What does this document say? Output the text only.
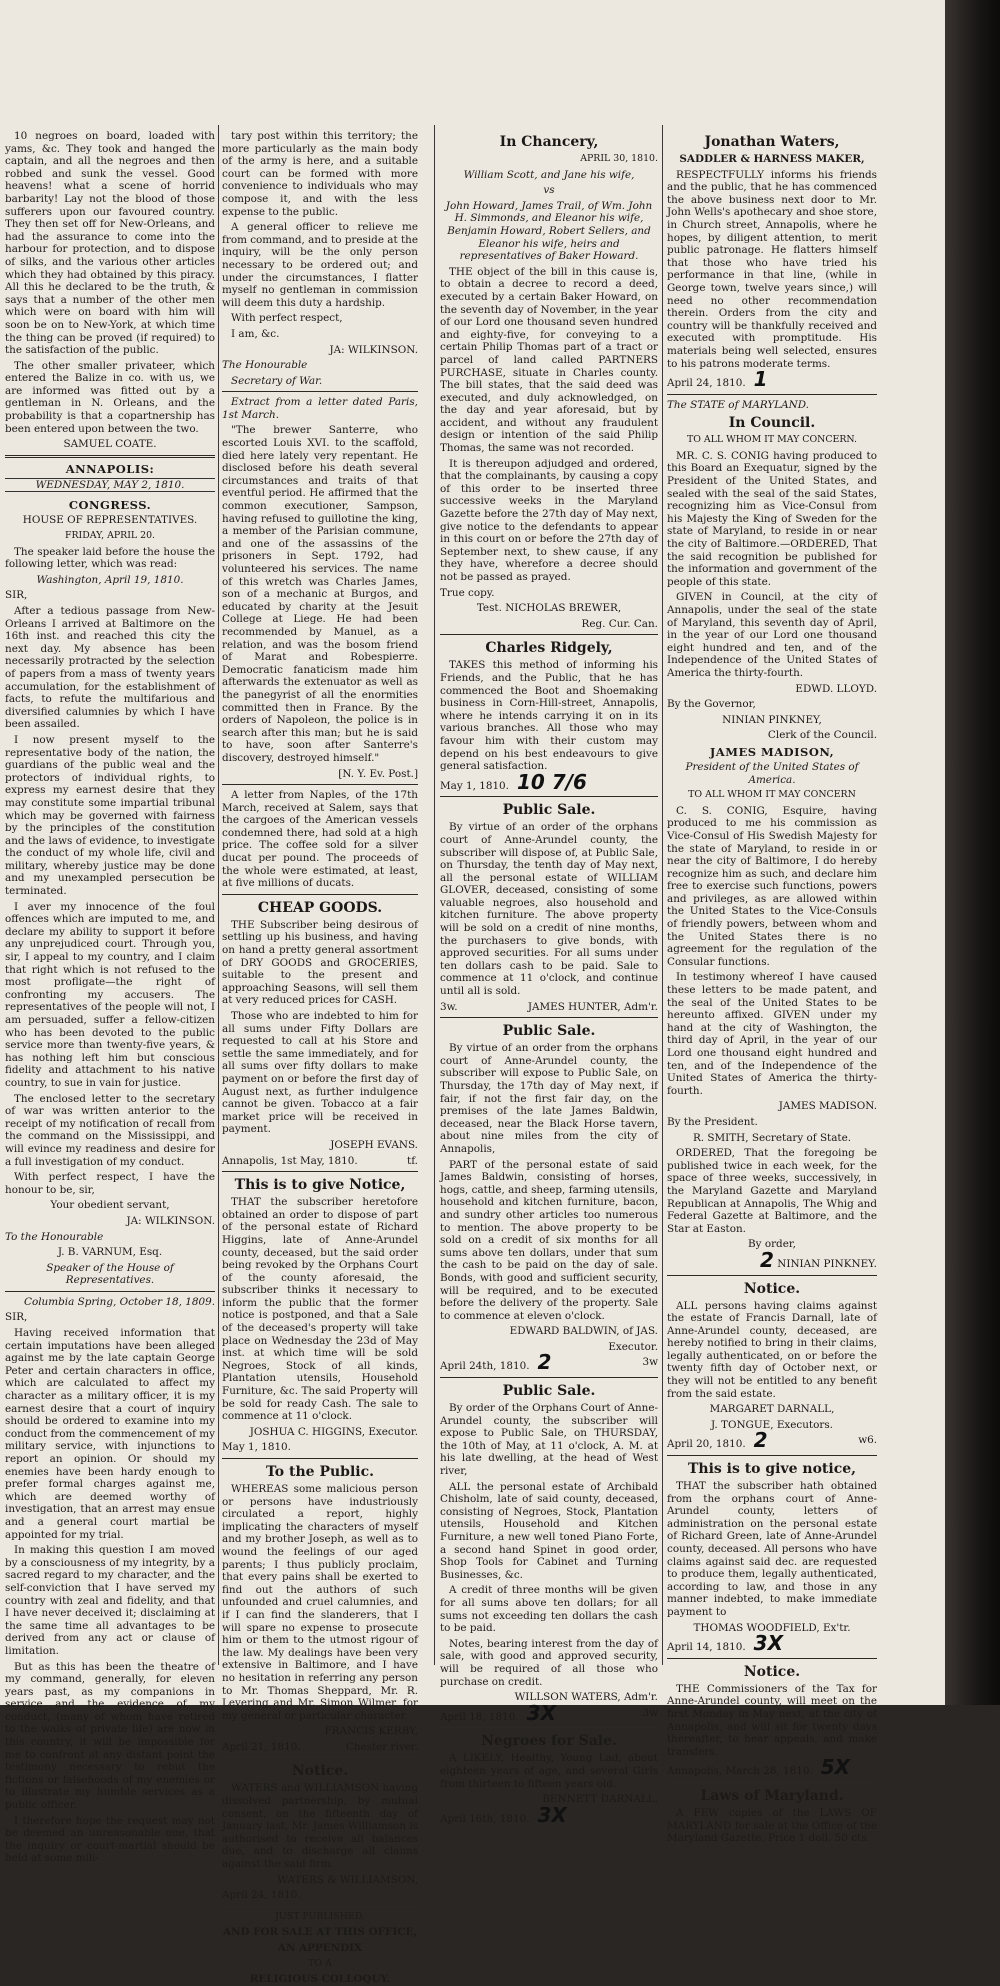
10 negroes on board, loaded with yams, &c. They took and hanged the captain, and all the negroes and then robbed and sunk the vessel. Good heavens! what a scene of horrid barbarity! Lay not the blood of those sufferers upon our favoured country. They then set off for New-Orleans, and had the assurance to come into the harbour for protection, and to dispose of silks, and the various other articles which they had obtained by this piracy. All this he declared to be the truth, & says that a number of the other men which were on board with him will soon be on to New-York, at which time the thing can be proved (if required) to the satisfaction of the public.

The other smaller privateer, which entered the Balize in co. with us, we are informed was fitted out by a gentleman in N. Orleans, and the probability is that a copartnership has been entered upon between the two.

SAMUEL COATE.

ANNAPOLIS:

WEDNESDAY, MAY 2, 1810.

CONGRESS.

HOUSE OF REPRESENTATIVES.

FRIDAY, APRIL 20.

The speaker laid before the house the following letter, which was read:

Washington, April 19, 1810.

SIR,

After a tedious passage from New-Orleans I arrived at Baltimore on the 16th inst. and reached this city the next day. My absence has been necessarily protracted by the selection of papers from a mass of twenty years accumulation, for the establishment of facts, to refute the multifarious and diversified calumnies by which I have been assailed.

I now present myself to the representative body of the nation, the guardians of the public weal and the protectors of individual rights, to express my earnest desire that they may constitute some impartial tribunal which may be governed with fairness by the principles of the constitution and the laws of evidence, to investigate the conduct of my whole life, civil and military, whereby justice may be done and my unexampled persecution be terminated.

I aver my innocence of the foul offences which are imputed to me, and declare my ability to support it before any unprejudiced court. Through you, sir, I appeal to my country, and I claim that right which is not refused to the most profligate—the right of confronting my accusers. The representatives of the people will not, I am persuaded, suffer a fellow-citizen who has been devoted to the public service more than twenty-five years, & has nothing left him but conscious fidelity and attachment to his native country, to sue in vain for justice.

The enclosed letter to the secretary of war was written anterior to the receipt of my notification of recall from the command on the Mississippi, and will evince my readiness and desire for a full investigation of my conduct.

With perfect respect, I have the honour to be, sir,

Your obedient servant,

JA: WILKINSON.

To the Honourable

J. B. VARNUM, Esq.

Speaker of the House of Representatives.

Columbia Spring, October 18, 1809.

SIR,

Having received information that certain imputations have been alleged against me by the late captain George Peter and certain characters in office, which are calculated to affect my character as a military officer, it is my earnest desire that a court of inquiry should be ordered to examine into my conduct from the commencement of my military service, with injunctions to report an opinion. Or should my enemies have been hardy enough to prefer formal charges against me, which are deemed worthy of investigation, that an arrest may ensue and a general court martial be appointed for my trial.

In making this question I am moved by a consciousness of my integrity, by a sacred regard to my character, and the self-conviction that I have served my country with zeal and fidelity, and that I have never deceived it; disclaiming at the same time all advantages to be derived from any act or clause of limitation.

But as this has been the theatre of my command, generally, for eleven years past, as my companions in service and the evidence of my conduct, (many of whom have retired to the walks of private life) are now in this country, it will be impossible for me to confront at any distant point the testimony necessary to rebut the fictions or falsehoods of my enemies or to illustrate my humble services as a public officer.

I therefore hope the request may not be deemed an unreasonable one, that the inquiry or court-martial should be held at some mili-

tary post within this territory; the more particularly as the main body of the army is here, and a suitable court can be formed with more convenience to individuals who may compose it, and with the less expense to the public.

A general officer to relieve me from command, and to preside at the inquiry, will be the only person necessary to be ordered out; and under the circumstances, I flatter myself no gentleman in commission will deem this duty a hardship.

With perfect respect,

I am, &c.

JA: WILKINSON.

The Honourable

Secretary of War.

Extract from a letter dated Paris, 1st March.

"The brewer Santerre, who escorted Louis XVI. to the scaffold, died here lately very repentant. He disclosed before his death several circumstances and traits of that eventful period. He affirmed that the common executioner, Sampson, having refused to guillotine the king, a member of the Parisian commune, and one of the assassins of the prisoners in Sept. 1792, had volunteered his services. The name of this wretch was Charles James, son of a mechanic at Burgos, and educated by charity at the Jesuit College at Liege. He had been recommended by Manuel, as a relation, and was the bosom friend of Marat and Robespierre. Democratic fanaticism made him afterwards the extenuator as well as the panegyrist of all the enormities committed then in France. By the orders of Napoleon, the police is in search after this man; but he is said to have, soon after Santerre's discovery, destroyed himself."

[N. Y. Ev. Post.]

A letter from Naples, of the 17th March, received at Salem, says that the cargoes of the American vessels condemned there, had sold at a high price. The coffee sold for a silver ducat per pound. The proceeds of the whole were estimated, at least, at five millions of ducats.

CHEAP GOODS.

THE Subscriber being desirous of settling up his business, and having on hand a pretty general assortment of DRY GOODS and GROCERIES, suitable to the present and approaching Seasons, will sell them at very reduced prices for CASH.

Those who are indebted to him for all sums under Fifty Dollars are requested to call at his Store and settle the same immediately, and for all sums over fifty dollars to make payment on or before the first day of August next, as further indulgence cannot be given. Tobacco at a fair market price will be received in payment.

JOSEPH EVANS.

Annapolis, 1st May, 1810.	tf.

This is to give Notice,

THAT the subscriber heretofore obtained an order to dispose of part of the personal estate of Richard Higgins, late of Anne-Arundel county, deceased, but the said order being revoked by the Orphans Court of the county aforesaid, the subscriber thinks it necessary to inform the public that the former notice is postponed, and that a Sale of the deceased's property will take place on Wednesday the 23d of May inst. at which time will be sold Negroes, Stock of all kinds, Plantation utensils, Household Furniture, &c. The said Property will be sold for ready Cash. The sale to commence at 11 o'clock.

JOSHUA C. HIGGINS, Executor.

May 1, 1810.

To the Public.

WHEREAS some malicious person or persons have industriously circulated a report, highly implicating the characters of myself and my brother Joseph, as well as to wound the feelings of our aged parents; I thus publicly proclaim, that every pains shall be exerted to find out the authors of such unfounded and cruel calumnies, and if I can find the slanderers, that I will spare no expense to prosecute him or them to the utmost rigour of the law. My dealings have been very extensive in Baltimore, and I have no hesitation in referring any person to Mr. Thomas Sheppard, Mr. R. Levering and Mr. Simon Wilmer, for my general or particular character.

FRANCIS KERBY,

April 21, 1810.	Chester river.

Notice.

WATERS and WILLIAMSON having dissolved partnership, by mutual consent, on the fifteenth day of January last, Mr. James Williamson is authorised to receive all balances due, and to discharge all claims against the said firm.

WATERS & WILLIAMSON,

April 24, 1810.

JUST PUBLISHED,

AND FOR SALE AT THIS OFFICE,

AN APPENDIX

TO A

RELIGIOUS COLLOQUY.

In Chancery,

APRIL 30, 1810.

William Scott, and Jane his wife,

vs

John Howard, James Trail, of Wm. John H. Simmonds, and Eleanor his wife, Benjamin Howard, Robert Sellers, and Eleanor his wife, heirs and representatives of Baker Howard.

THE object of the bill in this cause is, to obtain a decree to record a deed, executed by a certain Baker Howard, on the seventh day of November, in the year of our Lord one thousand seven hundred and eighty-five, for conveying to a certain Philip Thomas part of a tract or parcel of land called PARTNERS PURCHASE, situate in Charles county. The bill states, that the said deed was executed, and duly acknowledged, on the day and year aforesaid, but by accident, and without any fraudulent design or intention of the said Philip Thomas, the same was not recorded.

It is thereupon adjudged and ordered, that the complainants, by causing a copy of this order to be inserted three successive weeks in the Maryland Gazette before the 27th day of May next, give notice to the defendants to appear in this court on or before the 27th day of September next, to shew cause, if any they have, wherefore a decree should not be passed as prayed.

True copy.

Test. NICHOLAS BREWER,

Reg. Cur. Can.

Charles Ridgely,

TAKES this method of informing his Friends, and the Public, that he has commenced the Boot and Shoemaking business in Corn-Hill-street, Annapolis, where he intends carrying it on in its various branches. All those who may favour him with their custom may depend on his best endeavours to give general satisfaction.

May 1, 1810. 10 7/6

Public Sale.

By virtue of an order of the orphans court of Anne-Arundel county, the subscriber will dispose of, at Public Sale, on Thursday, the tenth day of May next, all the personal estate of WILLIAM GLOVER, deceased, consisting of some valuable negroes, also household and kitchen furniture. The above property will be sold on a credit of nine months, the purchasers to give bonds, with approved securities. For all sums under ten dollars cash to be paid. Sale to commence at 11 o'clock, and continue until all is sold.

3w.	JAMES HUNTER, Adm'r.

Public Sale.

By virtue of an order from the orphans court of Anne-Arundel county, the subscriber will expose to Public Sale, on Thursday, the 17th day of May next, if fair, if not the first fair day, on the premises of the late James Baldwin, deceased, near the Black Horse tavern, about nine miles from the city of Annapolis,

PART of the personal estate of said James Baldwin, consisting of horses, hogs, cattle, and sheep, farming utensils, household and kitchen furniture, bacon, and sundry other articles too numerous to mention. The above property to be sold on a credit of six months for all sums above ten dollars, under that sum the cash to be paid on the day of sale. Bonds, with good and sufficient security, will be required, and to be executed before the delivery of the property. Sale to commence at eleven o'clock.

EDWARD BALDWIN, of JAS.

Executor.

April 24th, 1810. 2	3w

Public Sale.

By order of the Orphans Court of Anne-Arundel county, the subscriber will expose to Public Sale, on THURSDAY, the 10th of May, at 11 o'clock, A. M. at his late dwelling, at the head of West river,

ALL the personal estate of Archibald Chisholm, late of said county, deceased, consisting of Negroes, Stock, Plantation utensils, Household and Kitchen Furniture, a new well toned Piano Forte, a second hand Spinet in good order, Shop Tools for Cabinet and Turning Businesses, &c.

A credit of three months will be given for all sums above ten dollars; for all sums not exceeding ten dollars the cash to be paid.

Notes, bearing interest from the day of sale, with good and approved security, will be required of all those who purchase on credit.

WILLSON WATERS, Adm'r.

April 18, 1810. 3X	3w

Negroes for Sale.

A LIKELY, Healthy, Young Lad, about eighteen years of age, and several Girls from thirteen to fifteen years old.

BENNETT DARNALL.

April 16th, 1810. 3X

Jonathan Waters,

SADDLER & HARNESS MAKER,

RESPECTFULLY informs his friends and the public, that he has commenced the above business next door to Mr. John Wells's apothecary and shoe store, in Church street, Annapolis, where he hopes, by diligent attention, to merit public patronage. He flatters himself that those who have tried his performance in that line, (while in George town, twelve years since,) will need no other recommendation therein. Orders from the city and country will be thankfully received and executed with promptitude. His materials being well selected, ensures to his patrons moderate terms.

April 24, 1810. 1

The STATE of MARYLAND.

In Council.

TO ALL WHOM IT MAY CONCERN.

MR. C. S. CONIG having produced to this Board an Exequatur, signed by the President of the United States, and sealed with the seal of the said States, recognizing him as Vice-Consul from his Majesty the King of Sweden for the state of Maryland, to reside in or near the city of Baltimore.—ORDERED, That the said recognition be published for the information and government of the people of this state.

GIVEN in Council, at the city of Annapolis, under the seal of the state of Maryland, this seventh day of April, in the year of our Lord one thousand eight hundred and ten, and of the Independence of the United States of America the thirty-fourth.

EDWD. LLOYD.

By the Governor,

NINIAN PINKNEY,

Clerk of the Council.

JAMES MADISON,

President of the United States of America.

TO ALL WHOM IT MAY CONCERN

C. S. CONIG, Esquire, having produced to me his commission as Vice-Consul of His Swedish Majesty for the state of Maryland, to reside in or near the city of Baltimore, I do hereby recognize him as such, and declare him free to exercise such functions, powers and privileges, as are allowed within the United States to the Vice-Consuls of friendly powers, between whom and the United States there is no agreement for the regulation of the Consular functions.

In testimony whereof I have caused these letters to be made patent, and the seal of the United States to be hereunto affixed. GIVEN under my hand at the city of Washington, the third day of April, in the year of our Lord one thousand eight hundred and ten, and of the Independence of the United States of America the thirty-fourth.

JAMES MADISON.

By the President.

R. SMITH, Secretary of State.

ORDERED, That the foregoing be published twice in each week, for the space of three weeks, successively, in the Maryland Gazette and Maryland Republican at Annapolis, The Whig and Federal Gazette at Baltimore, and the Star at Easton.

By order,

2 NINIAN PINKNEY.

Notice.

ALL persons having claims against the estate of Francis Darnall, late of Anne-Arundel county, deceased, are hereby notified to bring in their claims, legally authenticated, on or before the twenty fifth day of October next, or they will not be entitled to any benefit from the said estate.

MARGARET DARNALL,

J. TONGUE, Executors.

April 20, 1810. 2	w6.

This is to give notice,

THAT the subscriber hath obtained from the orphans court of Anne-Arundel county, letters of administration on the personal estate of Richard Green, late of Anne-Arundel county, deceased. All persons who have claims against said dec. are requested to produce them, legally authenticated, according to law, and those in any manner indebted, to make immediate payment to

THOMAS WOODFIELD, Ex'tr.

April 14, 1810. 3X

Notice.

THE Commissioners of the Tax for Anne-Arundel county, will meet on the first Monday in May next, at the city of Annapolis, and will sit for twenty days thereafter, to hear appeals, and make transfers.

Annapolis, March 28, 1810. 5X

Laws of Maryland.

A FEW copies of the LAWS OF MARYLAND for sale at the Office of the Maryland Gazette. Price 1 doll. 50 cts.
